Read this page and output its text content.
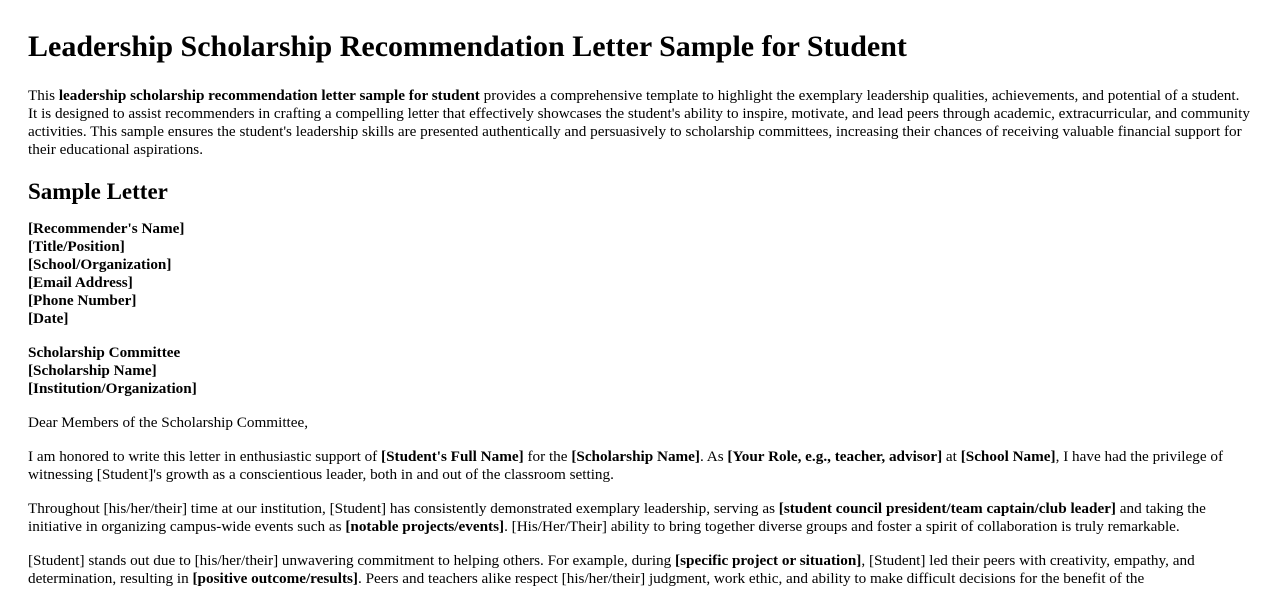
Leadership Scholarship Recommendation Letter Sample for Student

This leadership scholarship recommendation letter sample for student provides a comprehensive template to highlight the exemplary leadership qualities, achievements, and potential of a student. It is designed to assist recommenders in crafting a compelling letter that effectively showcases the student's ability to inspire, motivate, and lead peers through academic, extracurricular, and community activities. This sample ensures the student's leadership skills are presented authentically and persuasively to scholarship committees, increasing their chances of receiving valuable financial support for their educational aspirations.

Sample Letter
[Recommender's Name]
[Title/Position]
[School/Organization]
[Email Address]
[Phone Number]
[Date]
Scholarship Committee
[Scholarship Name]
[Institution/Organization]

Dear Members of the Scholarship Committee,

I am honored to write this letter in enthusiastic support of [Student's Full Name] for the [Scholarship Name]. As [Your Role, e.g., teacher, advisor] at [School Name], I have had the privilege of witnessing [Student]'s growth as a conscientious leader, both in and out of the classroom setting.

Throughout [his/her/their] time at our institution, [Student] has consistently demonstrated exemplary leadership, serving as [student council president/team captain/club leader] and taking the initiative in organizing campus-wide events such as [notable projects/events]. [His/Her/Their] ability to bring together diverse groups and foster a spirit of collaboration is truly remarkable.

[Student] stands out due to [his/her/their] unwavering commitment to helping others. For example, during [specific project or situation], [Student] led their peers with creativity, empathy, and determination, resulting in [positive outcome/results]. Peers and teachers alike respect [his/her/their] judgment, work ethic, and ability to make difficult decisions for the benefit of the
